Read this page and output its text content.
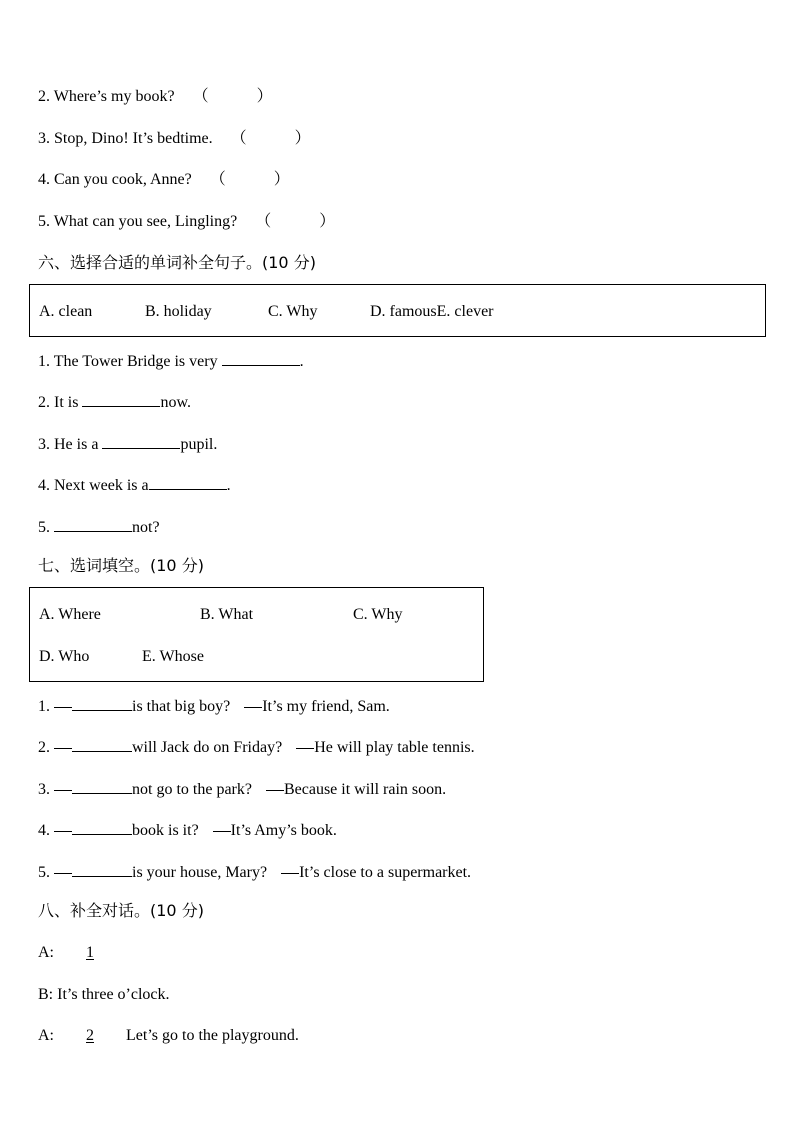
2. Where’s my book? （　　　）
3. Stop, Dino! It’s bedtime. （　　　）
4. Can you cook, Anne? （　　　）
5. What can you see, Lingling? （　　　）
六、选择合适的单词补全句子。(10 分)
A. clean	B. holiday	C. Why	D. famousE. clever
1. The Tower Bridge is very	.
2. It is	now.
3. He is a	pupil.
4. Next week is a	.
5.	not?
七、选词填空。(10 分)
A. Where	B. What	C. Why
D. Who	E. Whose
1.	is that big boy? It’s my friend, Sam.
2.	will Jack do on Friday? He will play table tennis.
3.	not go to the park? Because it will rain soon.
4.	book is it? It’s Amy’s book.
5.	is your house, Mary? It’s close to a supermarket.
八、补全对话。(10 分)
A: 1
B: It’s three o’clock.
A: 2 Let’s go to the playground.
